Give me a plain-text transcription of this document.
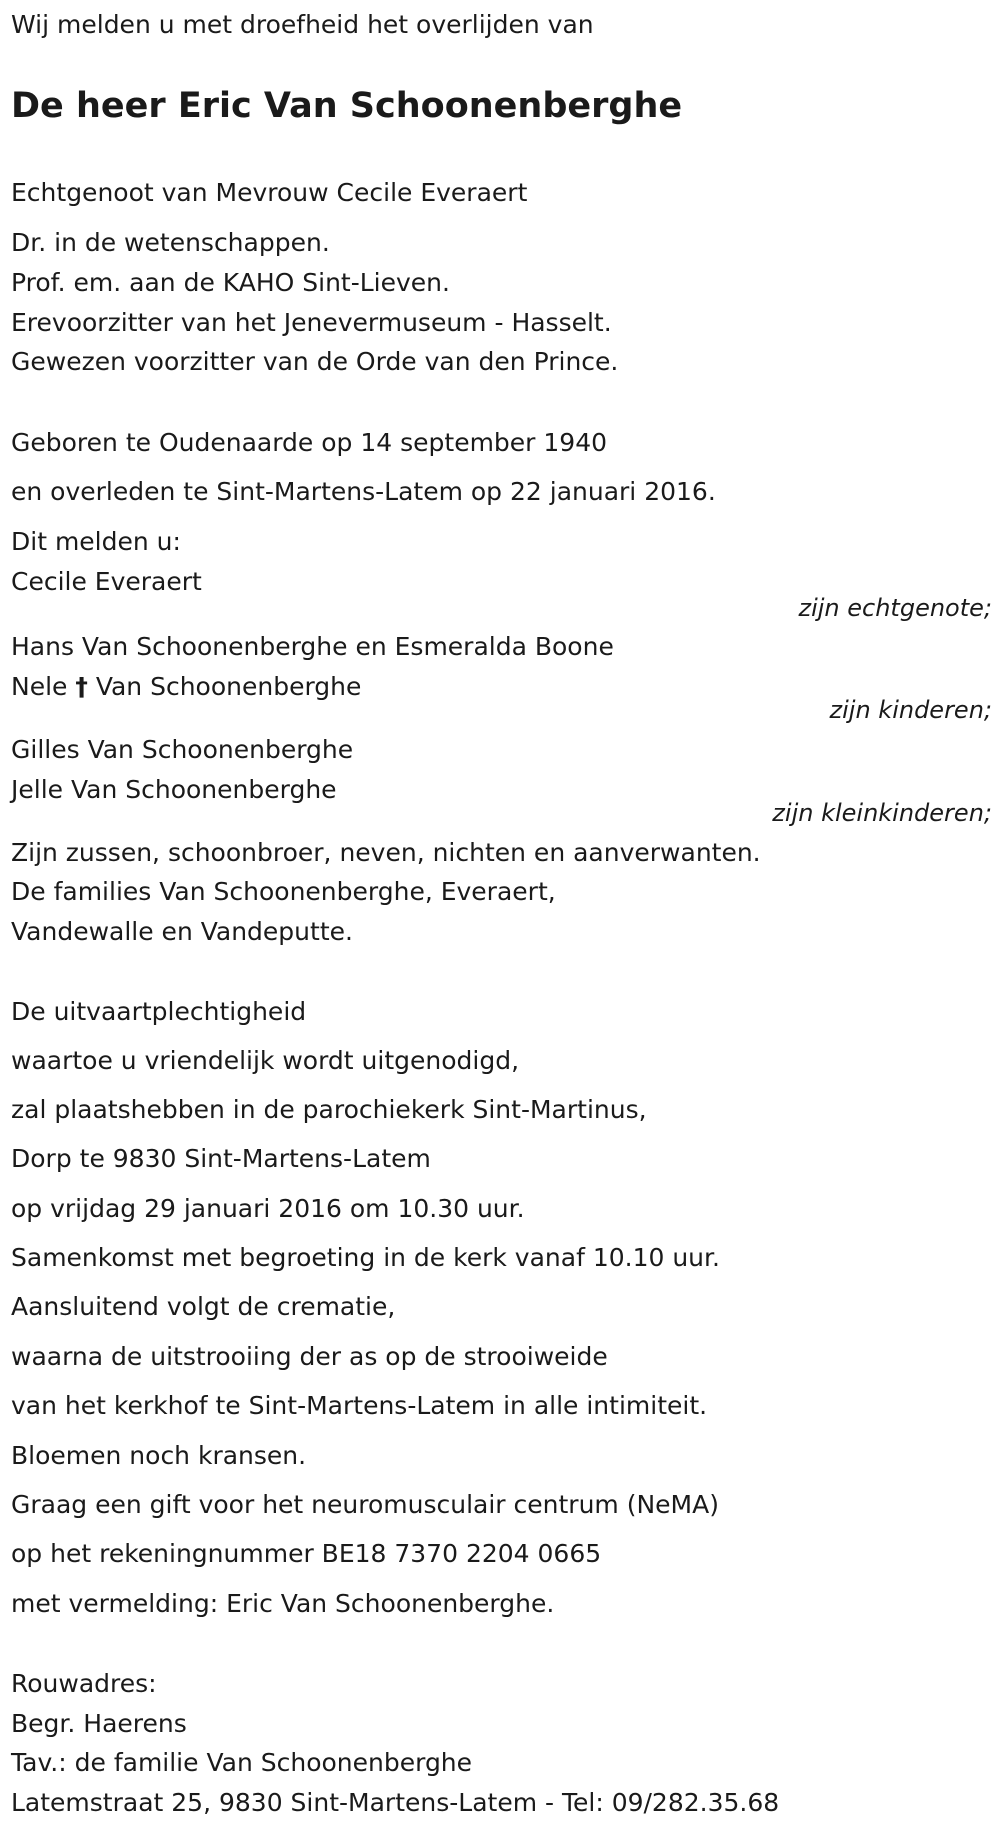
Wij melden u met droefheid het overlijden van
De heer Eric Van Schoonenberghe
Echtgenoot van Mevrouw Cecile Everaert
Dr. in de wetenschappen.
Prof. em. aan de KAHO Sint-Lieven.
Erevoorzitter van het Jenevermuseum - Hasselt.
Gewezen voorzitter van de Orde van den Prince.
Geboren te Oudenaarde op 14 september 1940
en overleden te Sint-Martens-Latem op 22 januari 2016.
Dit melden u:
Cecile Everaert
zijn echtgenote;
Hans Van Schoonenberghe en Esmeralda Boone
Nele † Van Schoonenberghe
zijn kinderen;
Gilles Van Schoonenberghe
Jelle Van Schoonenberghe
zijn kleinkinderen;
Zijn zussen, schoonbroer, neven, nichten en aanverwanten.
De families Van Schoonenberghe, Everaert,
Vandewalle en Vandeputte.
De uitvaartplechtigheid
waartoe u vriendelijk wordt uitgenodigd,
zal plaatshebben in de parochiekerk Sint-Martinus,
Dorp te 9830 Sint-Martens-Latem
op vrijdag 29 januari 2016 om 10.30 uur.
Samenkomst met begroeting in de kerk vanaf 10.10 uur.
Aansluitend volgt de crematie,
waarna de uitstrooiing der as op de strooiweide
van het kerkhof te Sint-Martens-Latem in alle intimiteit.
Bloemen noch kransen.
Graag een gift voor het neuromusculair centrum (NeMA)
op het rekeningnummer BE18 7370 2204 0665
met vermelding: Eric Van Schoonenberghe.
Rouwadres:
Begr. Haerens
Tav.: de familie Van Schoonenberghe
Latemstraat 25, 9830 Sint-Martens-Latem - Tel: 09/282.35.68
